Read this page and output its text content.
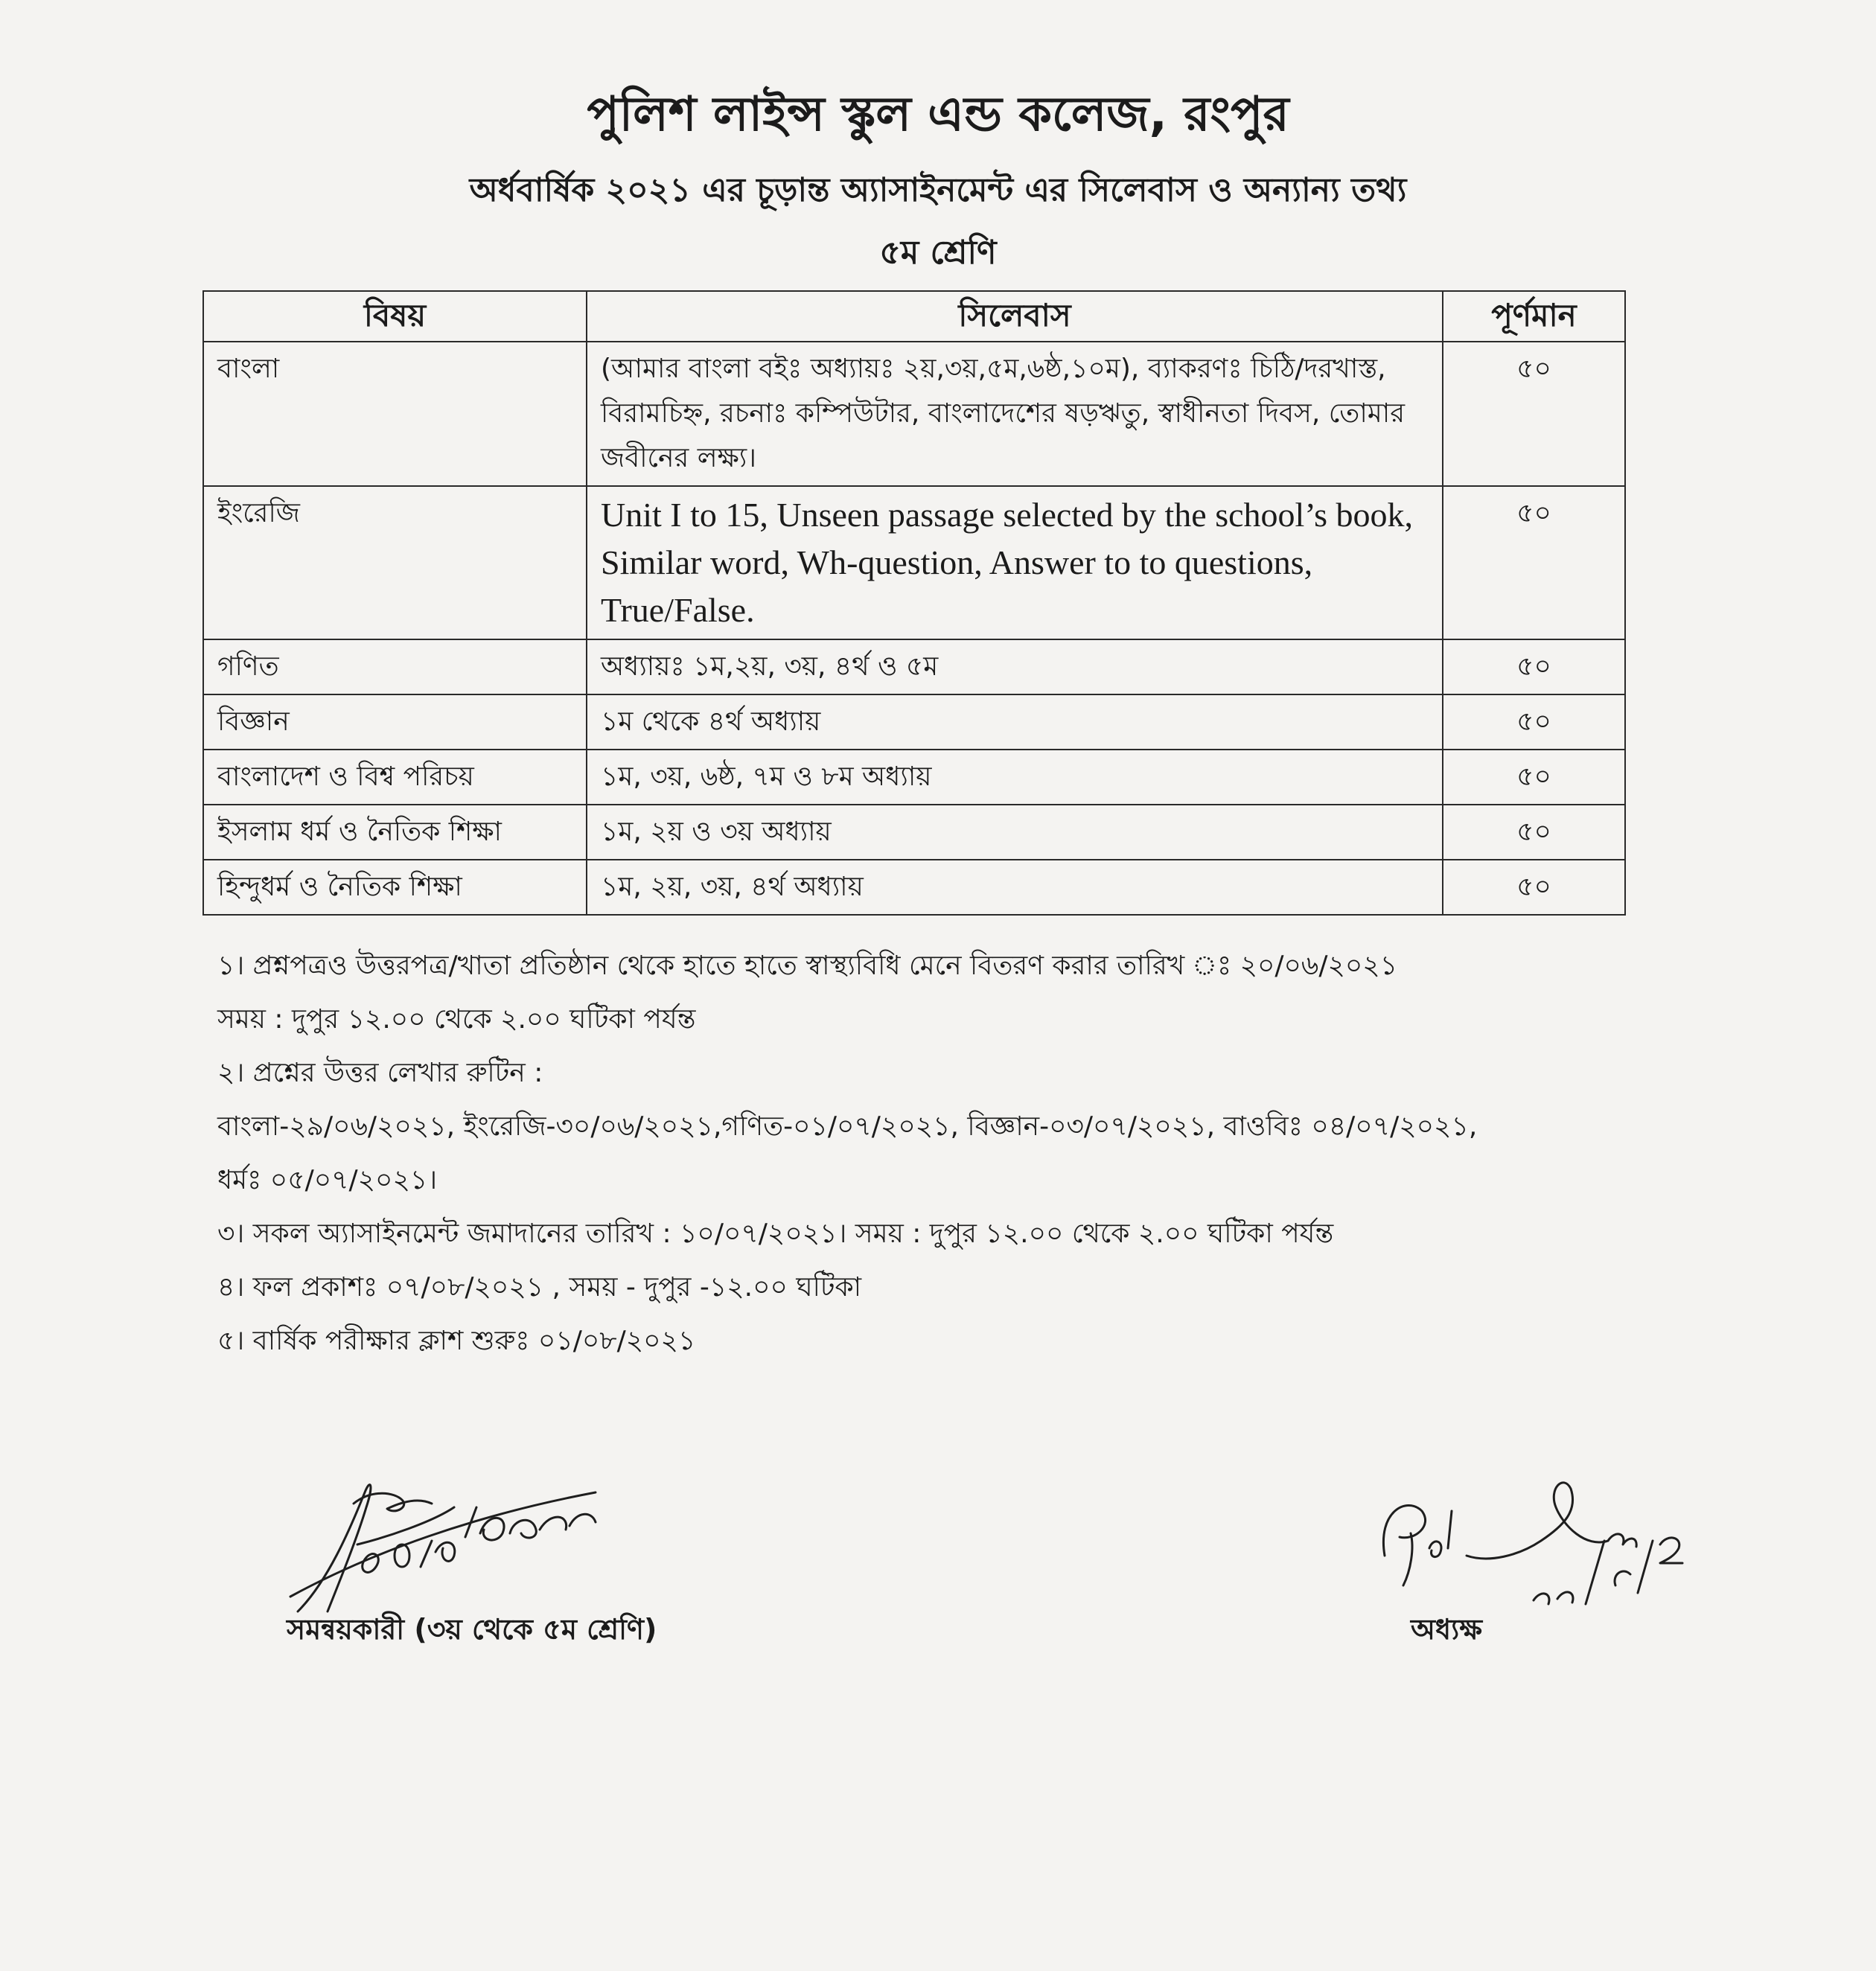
পুলিশ লাইন্স স্কুল এন্ড কলেজ, রংপুর
অর্ধবার্ষিক ২০২১ এর চূড়ান্ত অ্যাসাইনমেন্ট এর সিলেবাস ও অন্যান্য তথ্য
৫ম শ্রেণি
বিষয়	সিলেবাস	পূর্ণমান
বাংলা	(আমার বাংলা বইঃ অধ্যায়ঃ ২য়,৩য়,৫ম,৬ষ্ঠ,১০ম), ব্যাকরণঃ চিঠি/দরখাস্ত, বিরামচিহ্ন, রচনাঃ কম্পিউটার, বাংলাদেশের ষড়ঋতু, স্বাধীনতা দিবস, তোমার জবীনের লক্ষ্য।	৫০
ইংরেজি	Unit I to 15, Unseen passage selected by the school’s book, Similar word, Wh-question, Answer to to questions, True/False.	৫০
গণিত	অধ্যায়ঃ ১ম,২য়, ৩য়, ৪র্থ ও ৫ম	৫০
বিজ্ঞান	১ম থেকে ৪র্থ অধ্যায়	৫০
বাংলাদেশ ও বিশ্ব পরিচয়	১ম, ৩য়, ৬ষ্ঠ, ৭ম ও ৮ম অধ্যায়	৫০
ইসলাম ধর্ম ও নৈতিক শিক্ষা	১ম, ২য় ও ৩য় অধ্যায়	৫০
হিন্দুধর্ম ও নৈতিক শিক্ষা	১ম, ২য়, ৩য়, ৪র্থ অধ্যায়	৫০
১। প্রশ্নপত্রও উত্তরপত্র/খাতা প্রতিষ্ঠান থেকে হাতে হাতে স্বাস্থ্যবিধি মেনে বিতরণ করার তারিখ ঃ ২০/০৬/২০২১
সময় : দুপুর ১২.০০ থেকে ২.০০ ঘটিকা পর্যন্ত
২। প্রশ্নের উত্তর লেখার রুটিন :
বাংলা-২৯/০৬/২০২১, ইংরেজি-৩০/০৬/২০২১,গণিত-০১/০৭/২০২১, বিজ্ঞান-০৩/০৭/২০২১, বাওবিঃ ০৪/০৭/২০২১,
ধর্মঃ ০৫/০৭/২০২১।
৩। সকল অ্যাসাইনমেন্ট জমাদানের তারিখ : ১০/০৭/২০২১। সময় : দুপুর ১২.০০ থেকে ২.০০ ঘটিকা পর্যন্ত
৪। ফল প্রকাশঃ ০৭/০৮/২০২১ , সময় - দুপুর -১২.০০ ঘটিকা
৫। বার্ষিক পরীক্ষার ক্লাশ শুরুঃ ০১/০৮/২০২১
সমন্বয়কারী (৩য় থেকে ৫ম শ্রেণি)	অধ্যক্ষ
